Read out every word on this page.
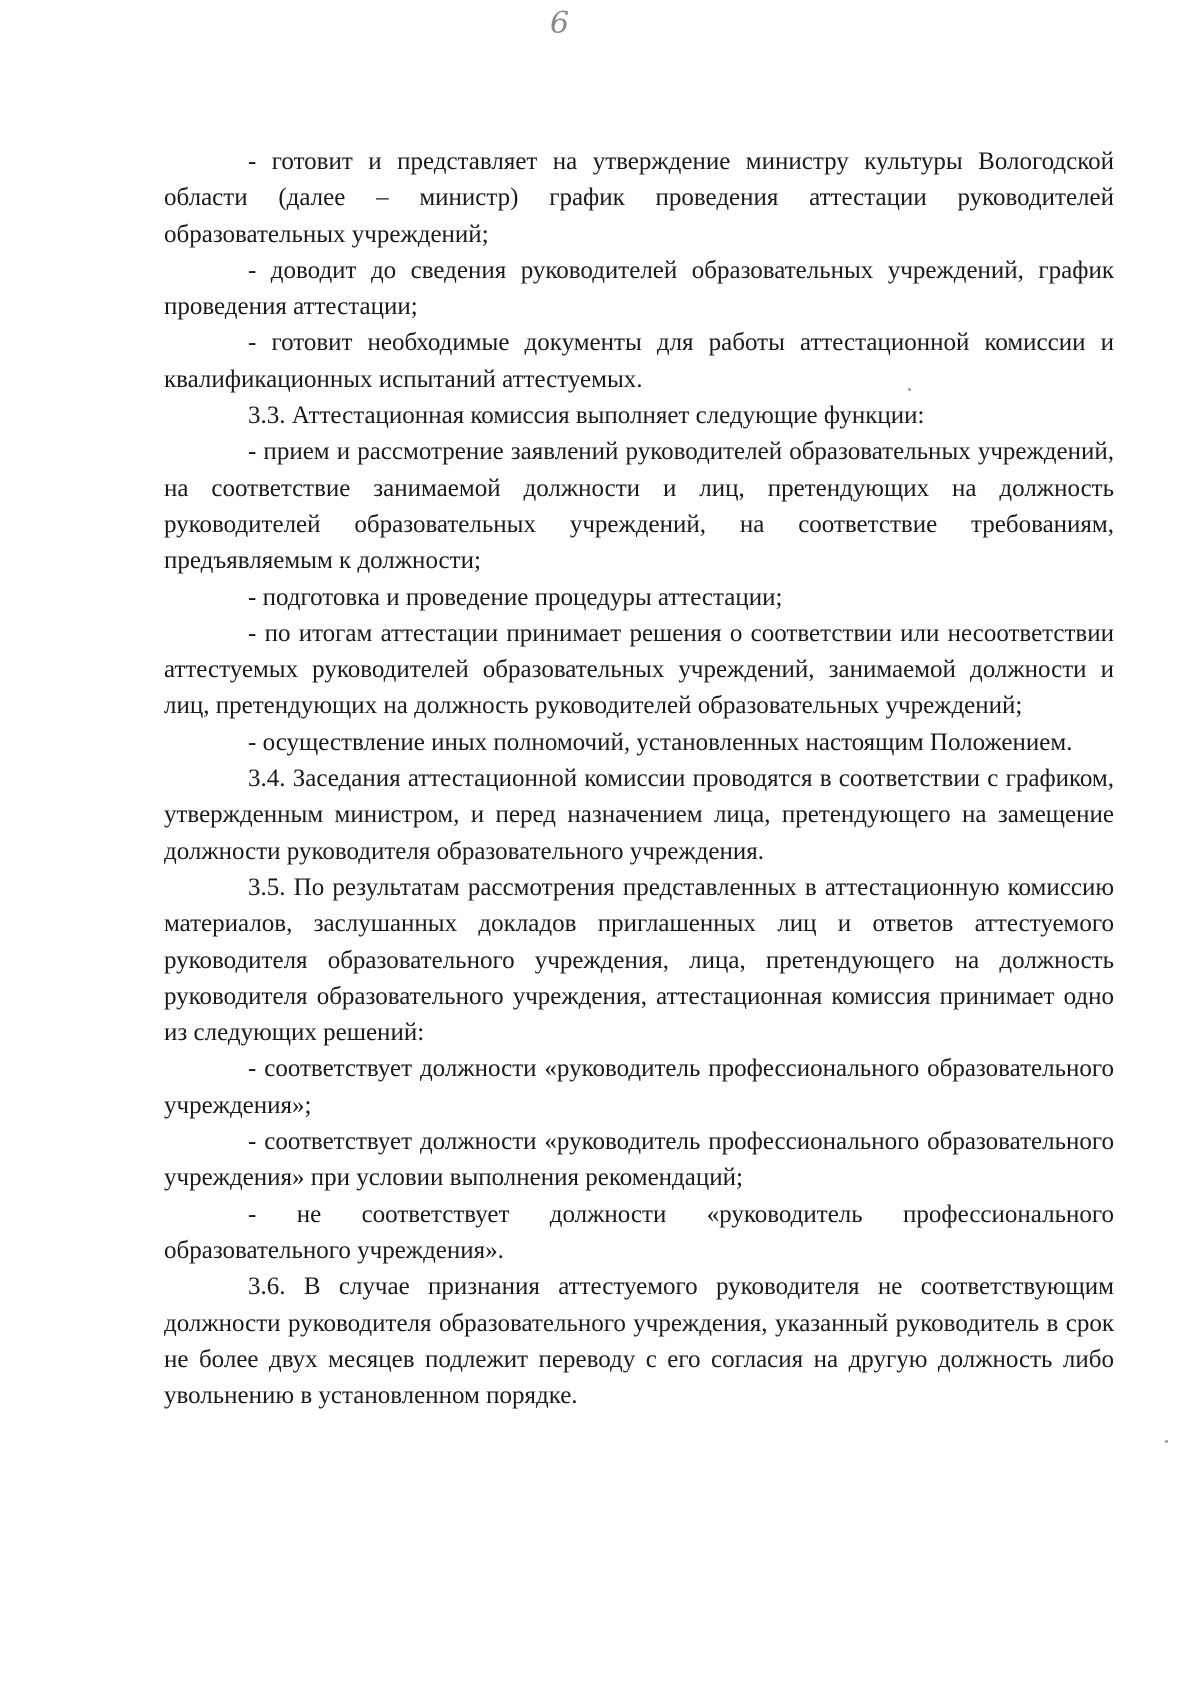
6

- готовит и представляет на утверждение министру культуры Вологодской области (далее – министр) график проведения аттестации руководителей образовательных учреждений;

- доводит до сведения руководителей образовательных учреждений, график проведения аттестации;

- готовит необходимые документы для работы аттестационной комиссии и квалификационных испытаний аттестуемых.

3.3. Аттестационная комиссия выполняет следующие функции:

- прием и рассмотрение заявлений руководителей образовательных учреждений, на соответствие занимаемой должности и лиц, претендующих на должность руководителей образовательных учреждений, на соответствие требованиям, предъявляемым к должности;

- подготовка и проведение процедуры аттестации;

- по итогам аттестации принимает решения о соответствии или несоответствии аттестуемых руководителей образовательных учреждений, занимаемой должности и лиц, претендующих на должность руководителей образовательных учреждений;

- осуществление иных полномочий, установленных настоящим Положением.

3.4. Заседания аттестационной комиссии проводятся в соответствии с графиком, утвержденным министром, и перед назначением лица, претендующего на замещение должности руководителя образовательного учреждения.

3.5. По результатам рассмотрения представленных в аттестационную комиссию материалов, заслушанных докладов приглашенных лиц и ответов аттестуемого руководителя образовательного учреждения, лица, претендующего на должность руководителя образовательного учреждения, аттестационная комиссия принимает одно из следующих решений:

- соответствует должности «руководитель профессионального образовательного учреждения»;

- соответствует должности «руководитель профессионального образовательного учреждения» при условии выполнения рекомендаций;

- не соответствует должности «руководитель профессионального образовательного учреждения».

3.6. В случае признания аттестуемого руководителя не соответствующим должности руководителя образовательного учреждения, указанный руководитель в срок не более двух месяцев подлежит переводу с его согласия на другую должность либо увольнению в установленном порядке.
